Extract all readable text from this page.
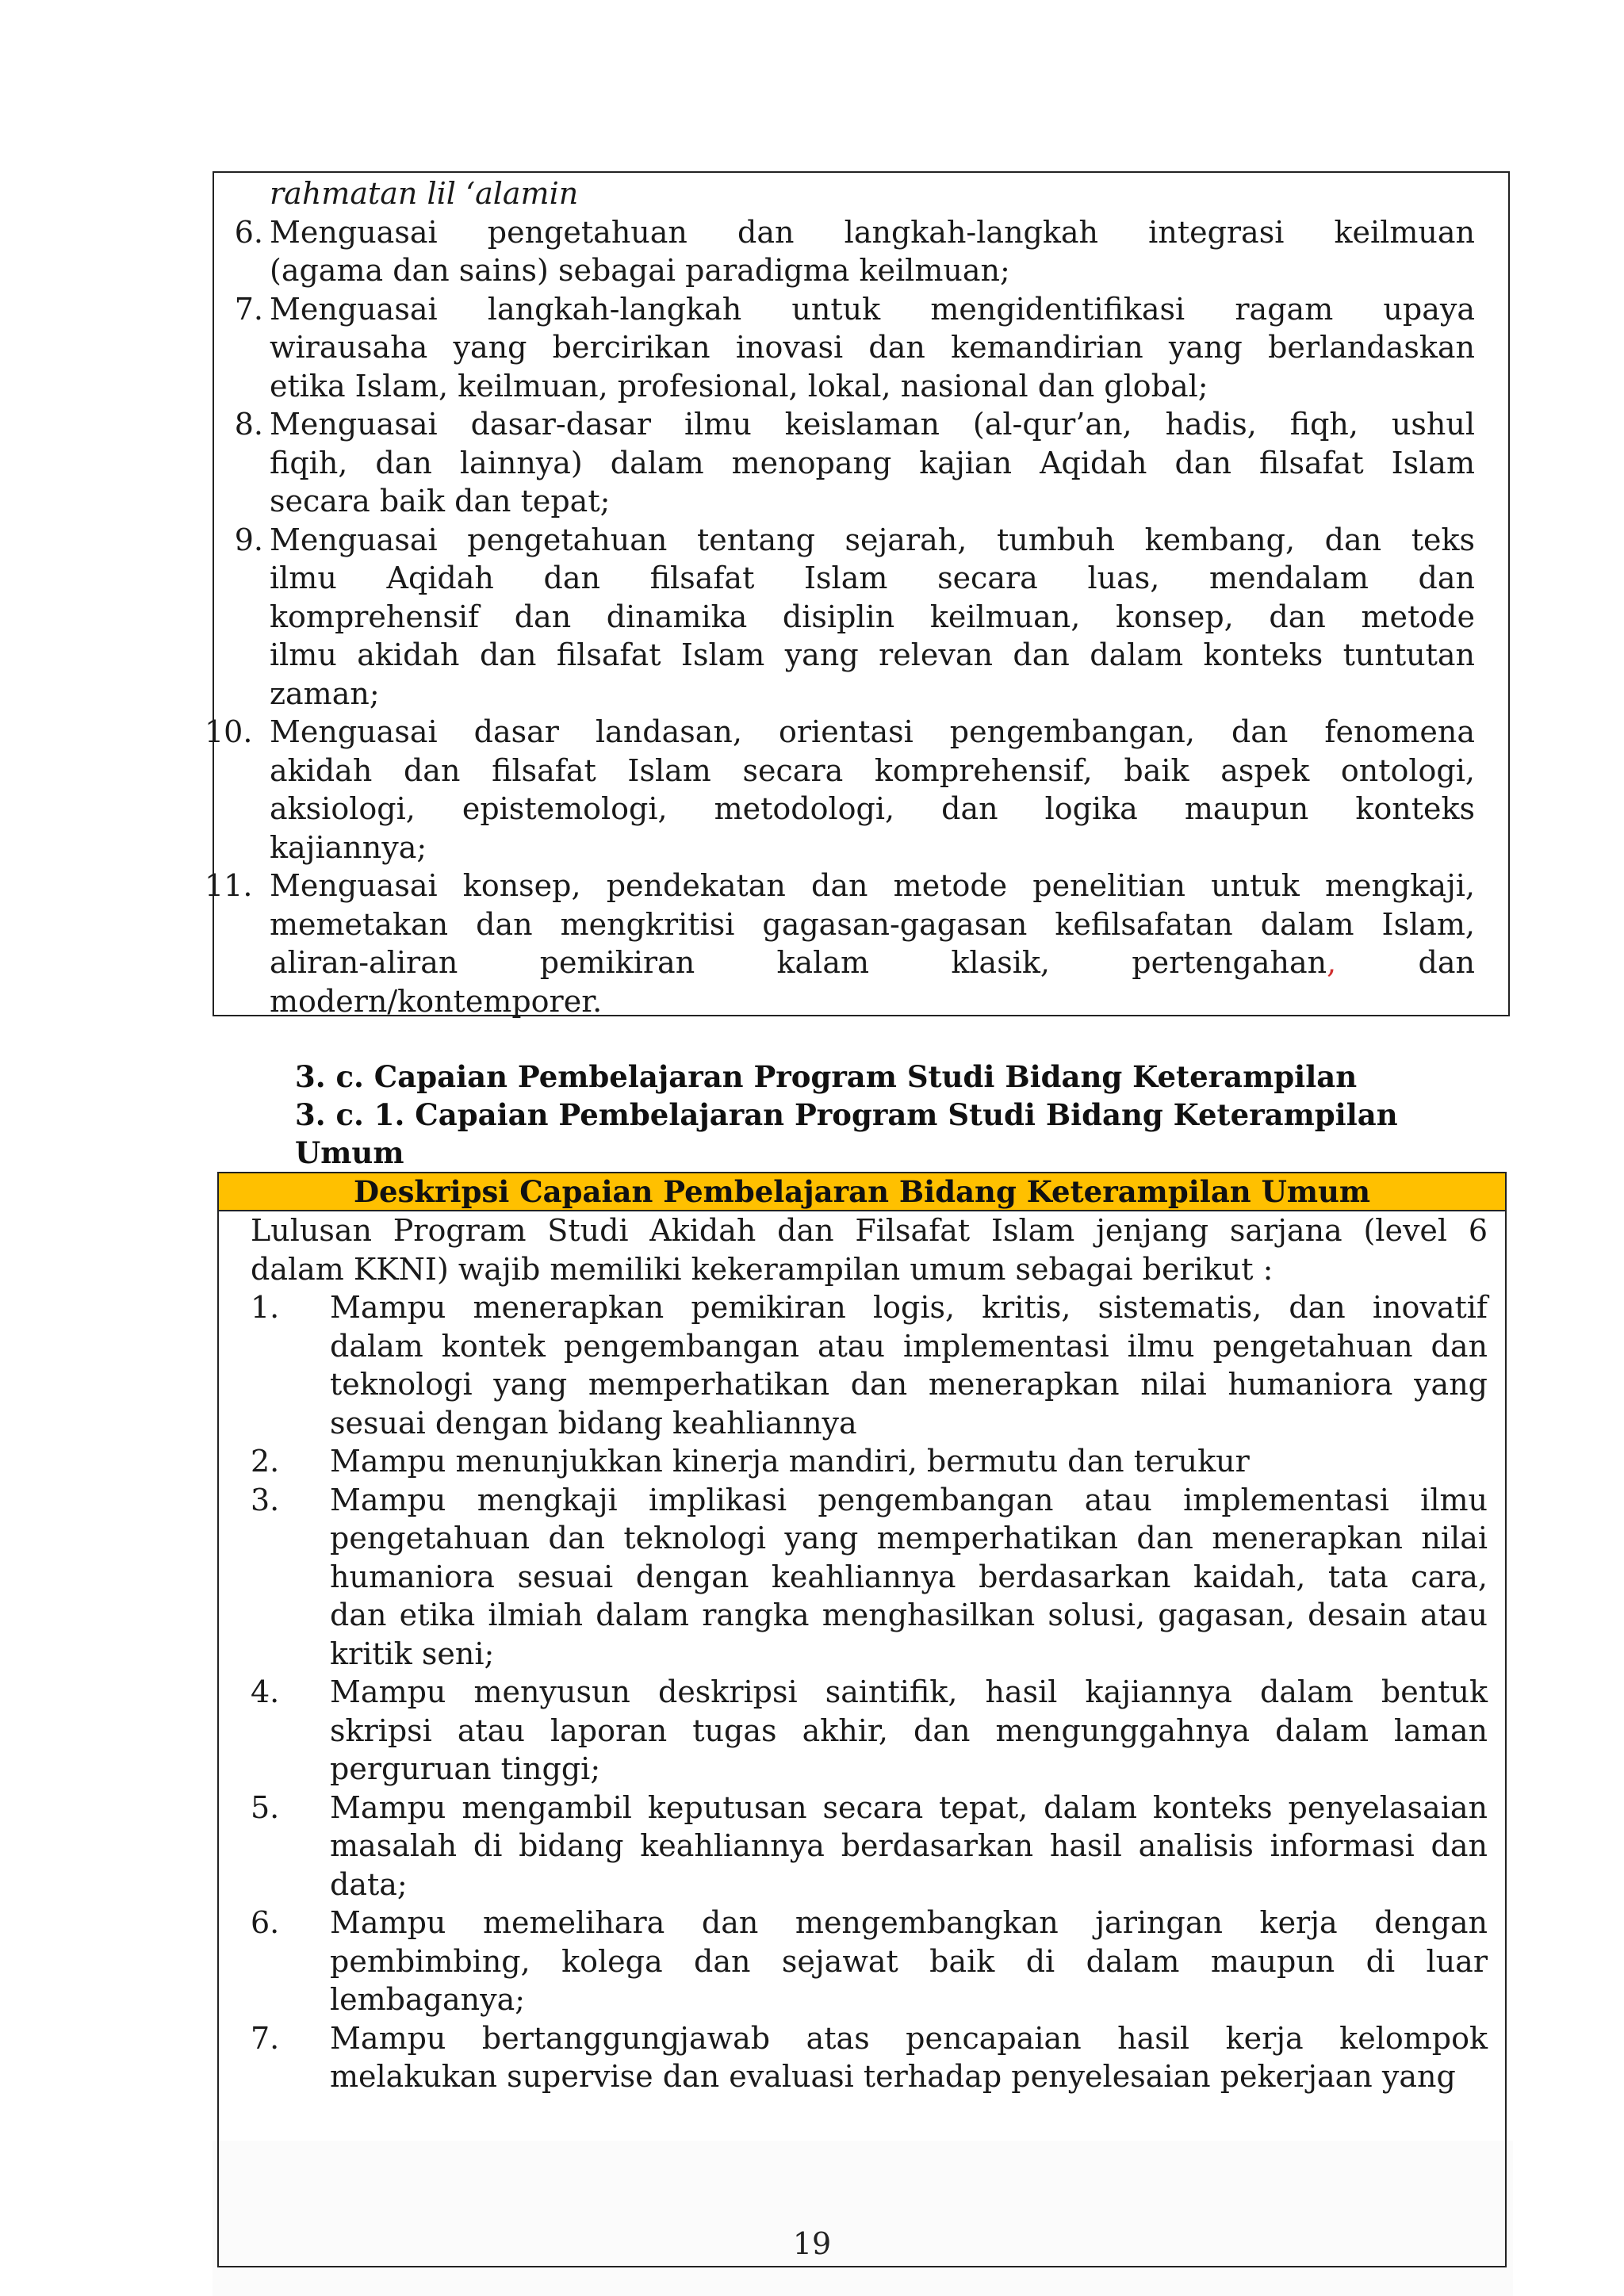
rahmatan lil ‘alamin
6. Menguasai pengetahuan dan langkah-langkah integrasi keilmuan
(agama dan sains) sebagai paradigma keilmuan;
7. Menguasai langkah-langkah untuk mengidentifikasi ragam upaya
wirausaha yang bercirikan inovasi dan kemandirian yang berlandaskan
etika Islam, keilmuan, profesional, lokal, nasional dan global;
8. Menguasai dasar-dasar ilmu keislaman (al-qur’an, hadis, fiqh, ushul
fiqih, dan lainnya) dalam menopang kajian Aqidah dan filsafat Islam
secara baik dan tepat;
9. Menguasai pengetahuan tentang sejarah, tumbuh kembang, dan teks
ilmu Aqidah dan filsafat Islam secara luas, mendalam dan
komprehensif dan dinamika disiplin keilmuan, konsep, dan metode
ilmu akidah dan filsafat Islam yang relevan dan dalam konteks tuntutan
zaman;
10. Menguasai dasar landasan, orientasi pengembangan, dan fenomena
akidah dan filsafat Islam secara komprehensif, baik aspek ontologi,
aksiologi, epistemologi, metodologi, dan logika maupun konteks
kajiannya;
11. Menguasai konsep, pendekatan dan metode penelitian untuk mengkaji,
memetakan dan mengkritisi gagasan-gagasan kefilsafatan dalam Islam,
aliran-aliran pemikiran kalam klasik, pertengahan, dan
modern/kontemporer.
3. c. Capaian Pembelajaran Program Studi Bidang Keterampilan
3. c. 1. Capaian Pembelajaran Program Studi Bidang Keterampilan
Umum
Deskripsi Capaian Pembelajaran Bidang Keterampilan Umum
Lulusan Program Studi Akidah dan Filsafat Islam jenjang sarjana (level 6
dalam KKNI) wajib memiliki kekerampilan umum sebagai berikut :
1.	Mampu menerapkan pemikiran logis, kritis, sistematis, dan inovatif
dalam kontek pengembangan atau implementasi ilmu pengetahuan dan
teknologi yang memperhatikan dan menerapkan nilai humaniora yang
sesuai dengan bidang keahliannya
2.	Mampu menunjukkan kinerja mandiri, bermutu dan terukur
3.	Mampu mengkaji implikasi pengembangan atau implementasi ilmu
pengetahuan dan teknologi yang memperhatikan dan menerapkan nilai
humaniora sesuai dengan keahliannya berdasarkan kaidah, tata cara,
dan etika ilmiah dalam rangka menghasilkan solusi, gagasan, desain atau
kritik seni;
4.	Mampu menyusun deskripsi saintifik, hasil kajiannya dalam bentuk
skripsi atau laporan tugas akhir, dan mengunggahnya dalam laman
perguruan tinggi;
5.	Mampu mengambil keputusan secara tepat, dalam konteks penyelasaian
masalah di bidang keahliannya berdasarkan hasil analisis informasi dan
data;
6.	Mampu memelihara dan mengembangkan jaringan kerja dengan
pembimbing, kolega dan sejawat baik di dalam maupun di luar
lembaganya;
7.	Mampu bertanggungjawab atas pencapaian hasil kerja kelompok
melakukan supervise dan evaluasi terhadap penyelesaian pekerjaan yang
19
